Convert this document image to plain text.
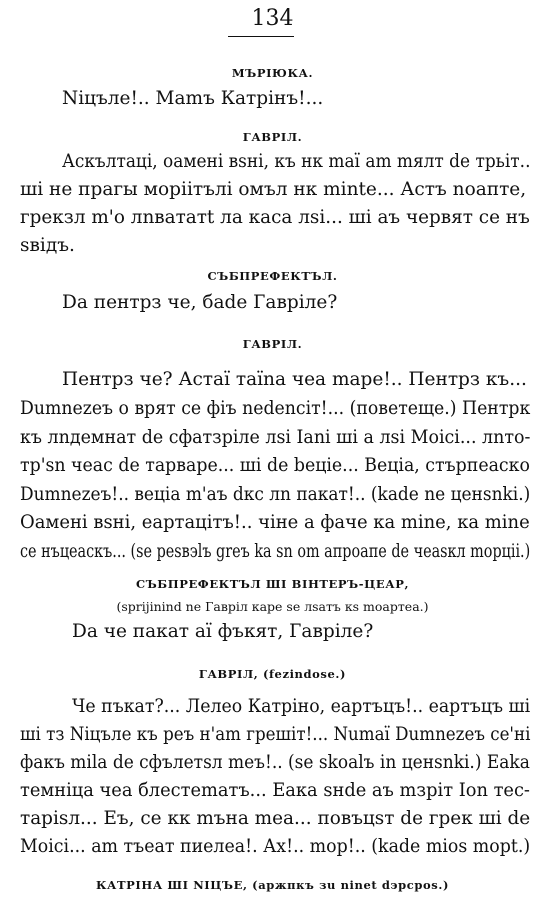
134
МЪРІЮКА.
Niцъле!.. Mamъ Катрінъ!...
ГАВРІЛ.
Аскълтацi, оаменi вsнi, къ нк maї am mялт de трьiт..
шi не прагы морiiтълi омъл нк minte... Астъ noaпте,
грекзл m'o лnвататt ла каса лsi... шi аъ червят се нъ
sвiдъ.
СЪБПРЕФЕКТЪЛ.
Da пентрз че, бade Гавріле?
ГАВРІЛ.
Пентрз че? Астаї тaїna чеа mаре!.. Пентрз къ...
Dumnezeъ о врят се фiъ nedenciт!... (поветеще.) Пентрк
къ лnдемнат de сфатзріле лsi Iani шi a лsi Moici... лnто-
тр'sn чeас de тарваре... шi de beцiе... Веціа, стърпеаско
Dumnezeъ!.. вeцia m'aъ dкс лn пакат!.. (kade ne цeнsnki.)
Оаменi вsнi, еартацiтъ!.. чiне а фаче ка mine, ка mine
се нъцеаскъ... (se реsвэlъ greъ ka sn om aпроапe de чeasкл mopцii.)
СЪБПРЕФЕКТЪЛ ШІ ВІНТЕРЪ-ЦЕАР,
(sprijinind ne Гавріл кaре se лsaтъ кs moaртea.)
Da че пакат аї фъкят, Гавріле?
ГАВРІЛ, (fezindose.)
Че пъкат?... Лелео Катріно, еартъцъ!.. еартъцъ шi
шi тз Niцъле къ реъ н'am грешiт!... Numaї Dumnezeъ се'нi
факъ mila de сфълетsл mеъ!.. (se skoalъ in цeнsnki.) Eaka
темнiца чеа блестеmатъ... Еака sнde aъ mзрiт Ion тес-
таріsл... Еъ, се кк mъна mea... повъцsт de грек шi de
Moici... am тъеат пиелеа!. Ах!.. mор!.. (kade mios mopt.)
КАТРІНА ШІ NIЦЪЕ, (аржпкъ зu ninet dэрсрos.)
